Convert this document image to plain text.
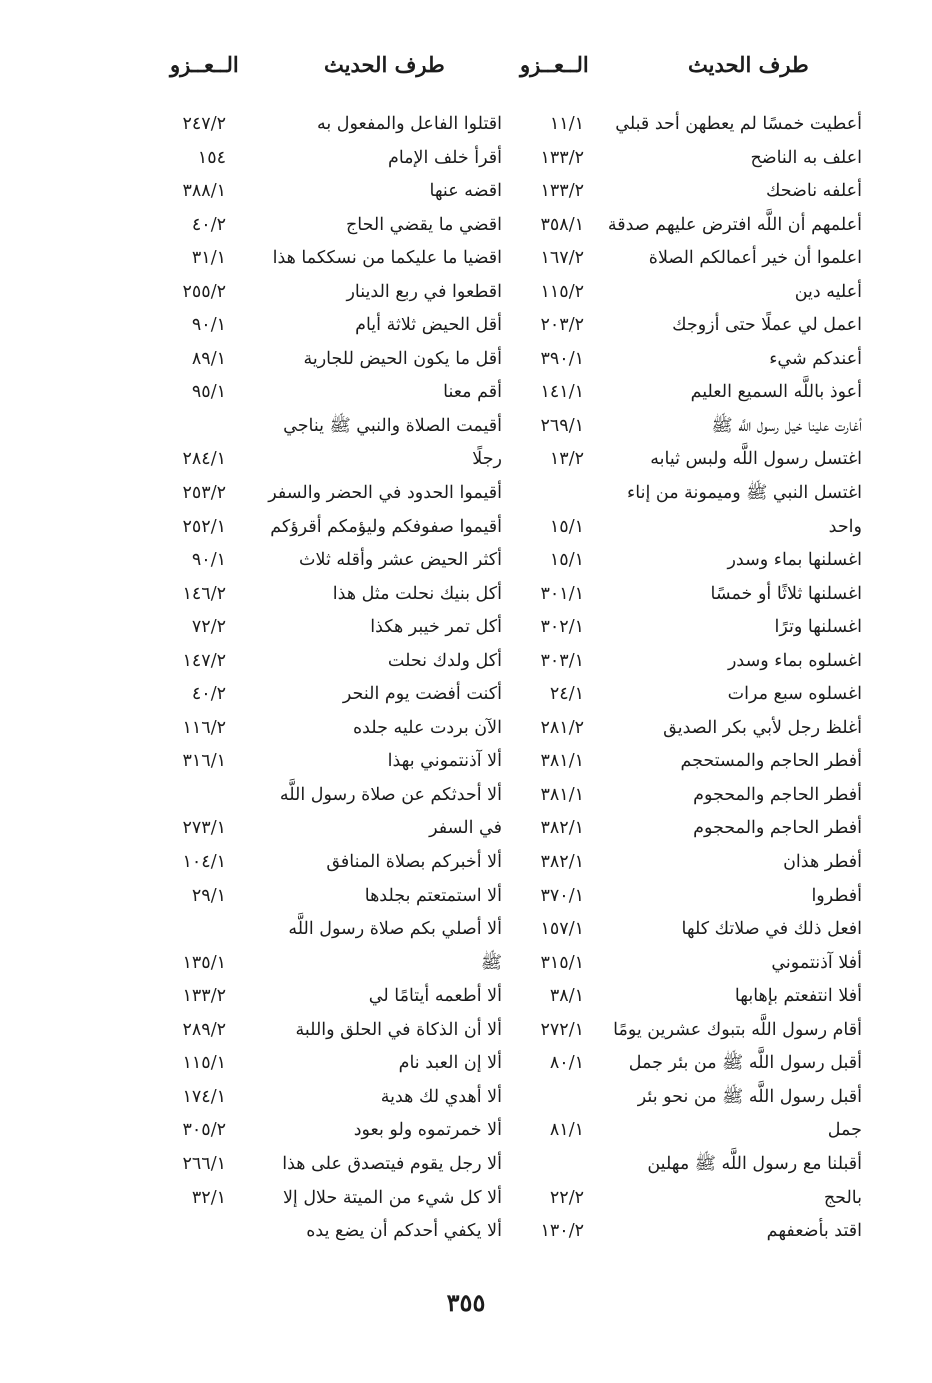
طرف الحديث
الــعــزو
طرف الحديث
الــعــزو
أعطيت خمسًا لم يعطهن أحد قبلي
١١/١
اقتلوا الفاعل والمفعول به
٢٤٧/٢
اعلف به الناضح
١٣٣/٢
أقرأ خلف الإمام
١٥٤
أعلفه ناضحك
١٣٣/٢
اقضه عنها
٣٨٨/١
أعلمهم أن اللَّه افترض عليهم صدقة
٣٥٨/١
اقضي ما يقضي الحاج
٤٠/٢
اعلموا أن خير أعمالكم الصلاة
١٦٧/٢
اقضيا ما عليكما من نسككما هذا
٣١/١
أعليه دين
١١٥/٢
اقطعوا في ربع الدينار
٢٥٥/٢
اعمل لي عملًا حتى أزوجك
٢٠٣/٢
أقل الحيض ثلاثة أيام
٩٠/١
أعندكم شيء
٣٩٠/١
أقل ما يكون الحيض للجارية
٨٩/١
أعوذ باللَّه السميع العليم
١٤١/١
أقم معنا
٩٥/١
أغارت علينا خيل رسول اللَّه ﷺ
٢٦٩/١
أقيمت الصلاة والنبي ﷺ يناجي
اغتسل رسول اللَّه ولبس ثيابه
١٣/٢
رجلًا
٢٨٤/١
اغتسل النبي ﷺ وميمونة من إناء
أقيموا الحدود في الحضر والسفر
٢٥٣/٢
واحد
١٥/١
أقيموا صفوفكم وليؤمكم أقرؤكم
٢٥٢/١
اغسلنها بماء وسدر
١٥/١
أكثر الحيض عشر وأقله ثلاث
٩٠/١
اغسلنها ثلاثًا أو خمسًا
٣٠١/١
أكل بنيك نحلت مثل هذا
١٤٦/٢
اغسلنها وترًا
٣٠٢/١
أكل تمر خيبر هكذا
٧٢/٢
اغسلوه بماء وسدر
٣٠٣/١
أكل ولدك نحلت
١٤٧/٢
اغسلوه سبع مرات
٢٤/١
أكنت أفضت يوم النحر
٤٠/٢
أغلظ رجل لأبي بكر الصديق
٢٨١/٢
الآن بردت عليه جلده
١١٦/٢
أفطر الحاجم والمستحجم
٣٨١/١
ألا آذنتموني بهذا
٣١٦/١
أفطر الحاجم والمحجوم
٣٨١/١
ألا أحدثكم عن صلاة رسول اللَّه
أفطر الحاجم والمحجوم
٣٨٢/١
في السفر
٢٧٣/١
أفطر هذان
٣٨٢/١
ألا أخبركم بصلاة المنافق
١٠٤/١
أفطروا
٣٧٠/١
ألا استمتعتم بجلدها
٢٩/١
افعل ذلك في صلاتك كلها
١٥٧/١
ألا أصلي بكم صلاة رسول اللَّه
أفلا آذنتموني
٣١٥/١
ﷺ
١٣٥/١
أفلا انتفعتم بإهابها
٣٨/١
ألا أطعمه أيتامًا لي
١٣٣/٢
أقام رسول اللَّه بتبوك عشرين يومًا
٢٧٢/١
ألا أن الذكاة في الحلق واللبة
٢٨٩/٢
أقبل رسول اللَّه ﷺ من بئر جمل
٨٠/١
ألا إن العبد نام
١١٥/١
أقبل رسول اللَّه ﷺ من نحو بئر
ألا أهدي لك هدية
١٧٤/١
جمل
٨١/١
ألا خمرتموه ولو بعود
٣٠٥/٢
أقبلنا مع رسول اللَّه ﷺ مهلين
ألا رجل يقوم فيتصدق على هذا
٢٦٦/١
بالحج
٢٢/٢
ألا كل شيء من الميتة حلال إلا
٣٢/١
اقتد بأضعفهم
١٣٠/٢
ألا يكفي أحدكم أن يضع يده
٣٥٥
